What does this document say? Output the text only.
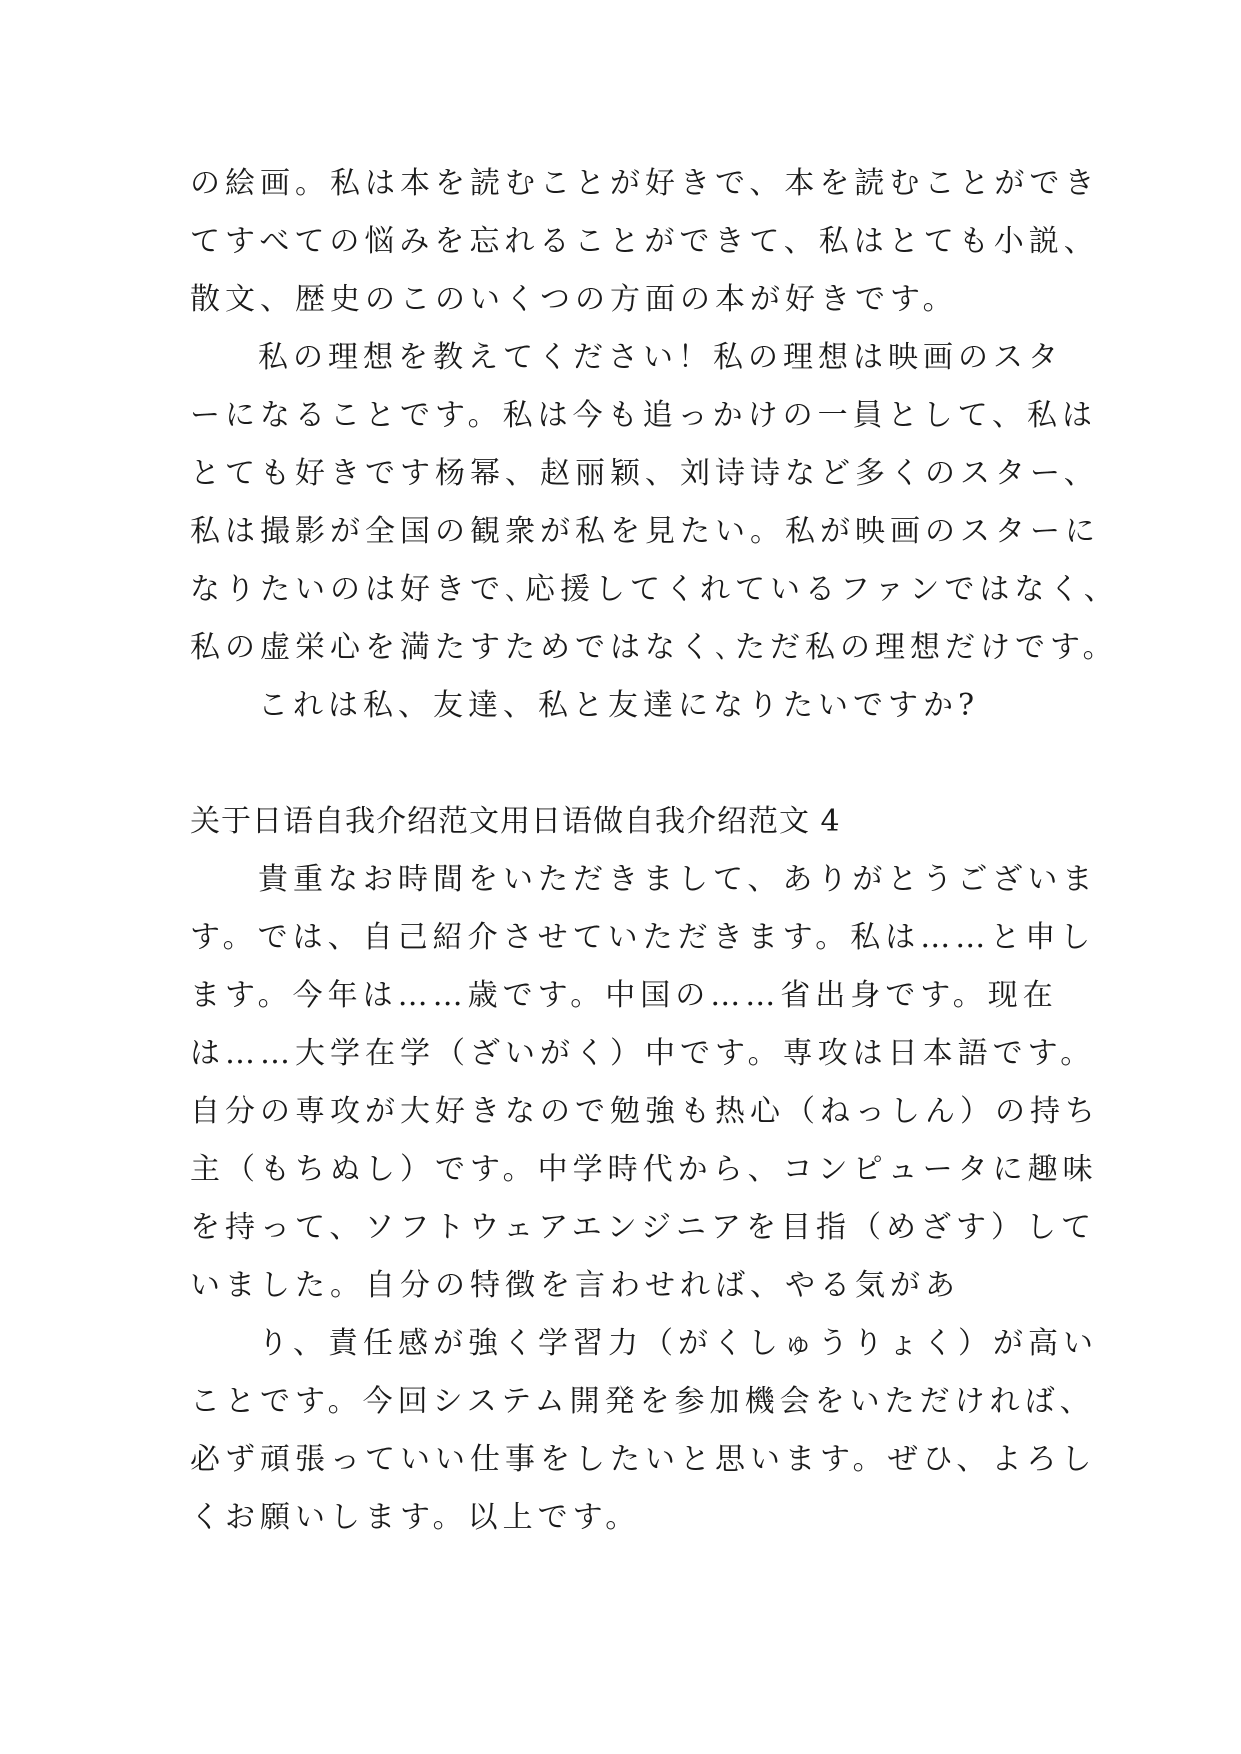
の絵画。私は本を読むことが好きで、本を読むことができ
てすべての悩みを忘れることができて、私はとても小説、
散文、歴史のこのいくつの方面の本が好きです。
私の理想を教えてください！私の理想は映画のスタ
ーになることです。私は今も追っかけの一員として、私は
とても好きです杨幂、赵丽颖、刘诗诗など多くのスター、
私は撮影が全国の観衆が私を見たい。私が映画のスターに
なりたいのは好きで､応援してくれているファンではなく、
私の虚栄心を満たすためではなく､ただ私の理想だけです。
これは私、友達、私と友達になりたいですか?
关于日语自我介绍范文用日语做自我介绍范文 4
貴重なお時間をいただきまして、ありがとうございま
す。では、自己紹介させていただきます。私は……と申し
ます。今年は……歳です。中国の……省出身です。现在
は……大学在学（ざいがく）中です。専攻は日本語です。
自分の専攻が大好きなので勉強も热心（ねっしん）の持ち
主（もちぬし）です。中学時代から、コンピュータに趣味
を持って、ソフトウェアエンジニアを目指（めざす）して
いました。自分の特徴を言わせれば、やる気があ
り、責任感が強く学習力（がくしゅうりょく）が高い
ことです。今回システム開発を参加機会をいただければ、
必ず頑張っていい仕事をしたいと思います。ぜひ、よろし
くお願いします。以上です。
